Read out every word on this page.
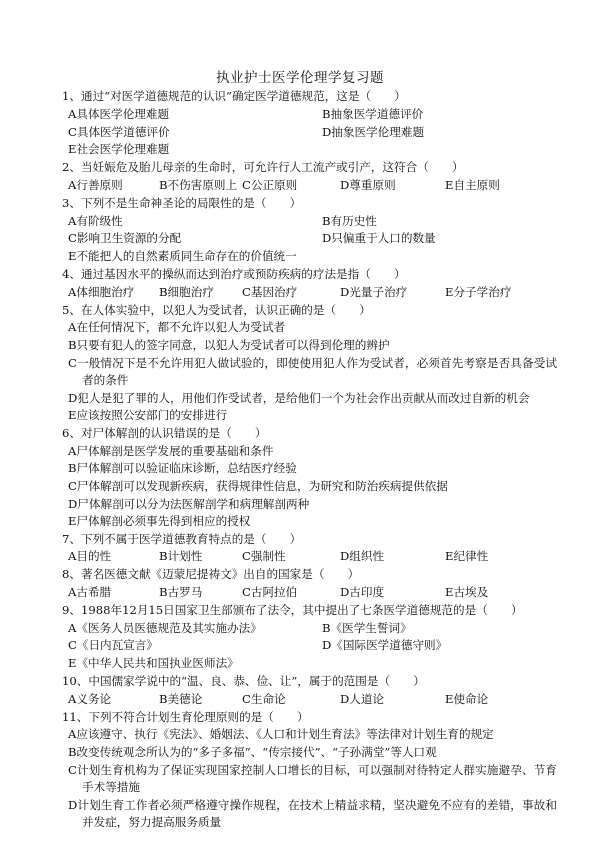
执业护士医学伦理学复习题
1、通过“对医学道德规范的认识”确定医学道德规范，这是（　　）
A具体医学伦理难题	B抽象医学道德评价
C具体医学道德评价	D抽象医学伦理难题
E社会医学伦理难题
2、当妊娠危及胎儿母亲的生命时，可允许行人工流产或引产，这符合（　　）
A行善原则	B不伤害原则上 C公正原则	D尊重原则	E自主原则
3、下列不是生命神圣论的局限性的是（　　）
A有阶级性	B有历史性
C影响卫生资源的分配	D只偏重于人口的数量
E不能把人的自然素质同生命存在的价值统一
4、通过基因水平的操纵而达到治疗或预防疾病的疗法是指（　　）
A体细胞治疗 B细胞治疗 C基因治疗	D光量子治疗	E分子学治疗
5、在人体实验中，以犯人为受试者，认识正确的是（　　）
A在任何情况下，都不允许以犯人为受试者
B只要有犯人的签字同意，以犯人为受试者可以得到伦理的辨护
C一般情况下是不允许用犯人做试验的，即使使用犯人作为受试者，必须首先考察是否具备受试者的条件
D犯人是犯了罪的人，用他们作受试者，是给他们一个为社会作出贡献从而改过自新的机会
E应该按照公安部门的安排进行
6、对尸体解剖的认识错误的是（　　）
A尸体解剖是医学发展的重要基础和条件
B尸体解剖可以验证临床诊断，总结医疗经验
C尸体解剖可以发现新疾病，获得规律性信息，为研究和防治疾病提供依据
D尸体解剖可以分为法医解剖学和病理解剖两种
E尸体解剖必须事先得到相应的授权
7、下列不属于医学道德教育特点的是（　　）
A目的性	B计划性	C强制性	D组织性	E纪律性
8、著名医德文献《迈蒙尼提祷文》出自的国家是（　　）
A古希腊	B古罗马	C古阿拉伯	D古印度	E古埃及
9、1988年12月15日国家卫生部颁布了法令，其中提出了七条医学道德规范的是（　　）
A《医务人员医德规范及其实施办法》	B《医学生誓词》
C《日内瓦宣言》	D《国际医学道德守则》
E《中华人民共和国执业医师法》
10、中国儒家学说中的“温、良、恭、俭、让”，属于的范围是（　　）
A义务论	B美德论	C生命论	D人道论	E使命论
11、下列不符合计划生育伦理原则的是（　　）
A应该遵守、执行《宪法》、婚姻法、《人口和计划生育法》等法律对计划生育的规定
B改变传统观念所认为的“多子多福”、“传宗接代”、“子孙满堂”等人口观
C计划生育机构为了保证实现国家控制人口增长的目标，可以强制对待特定人群实施避孕、节育手术等措施
D计划生育工作者必须严格遵守操作规程，在技术上精益求精，坚决避免不应有的差错，事故和并发症，努力提高服务质量
